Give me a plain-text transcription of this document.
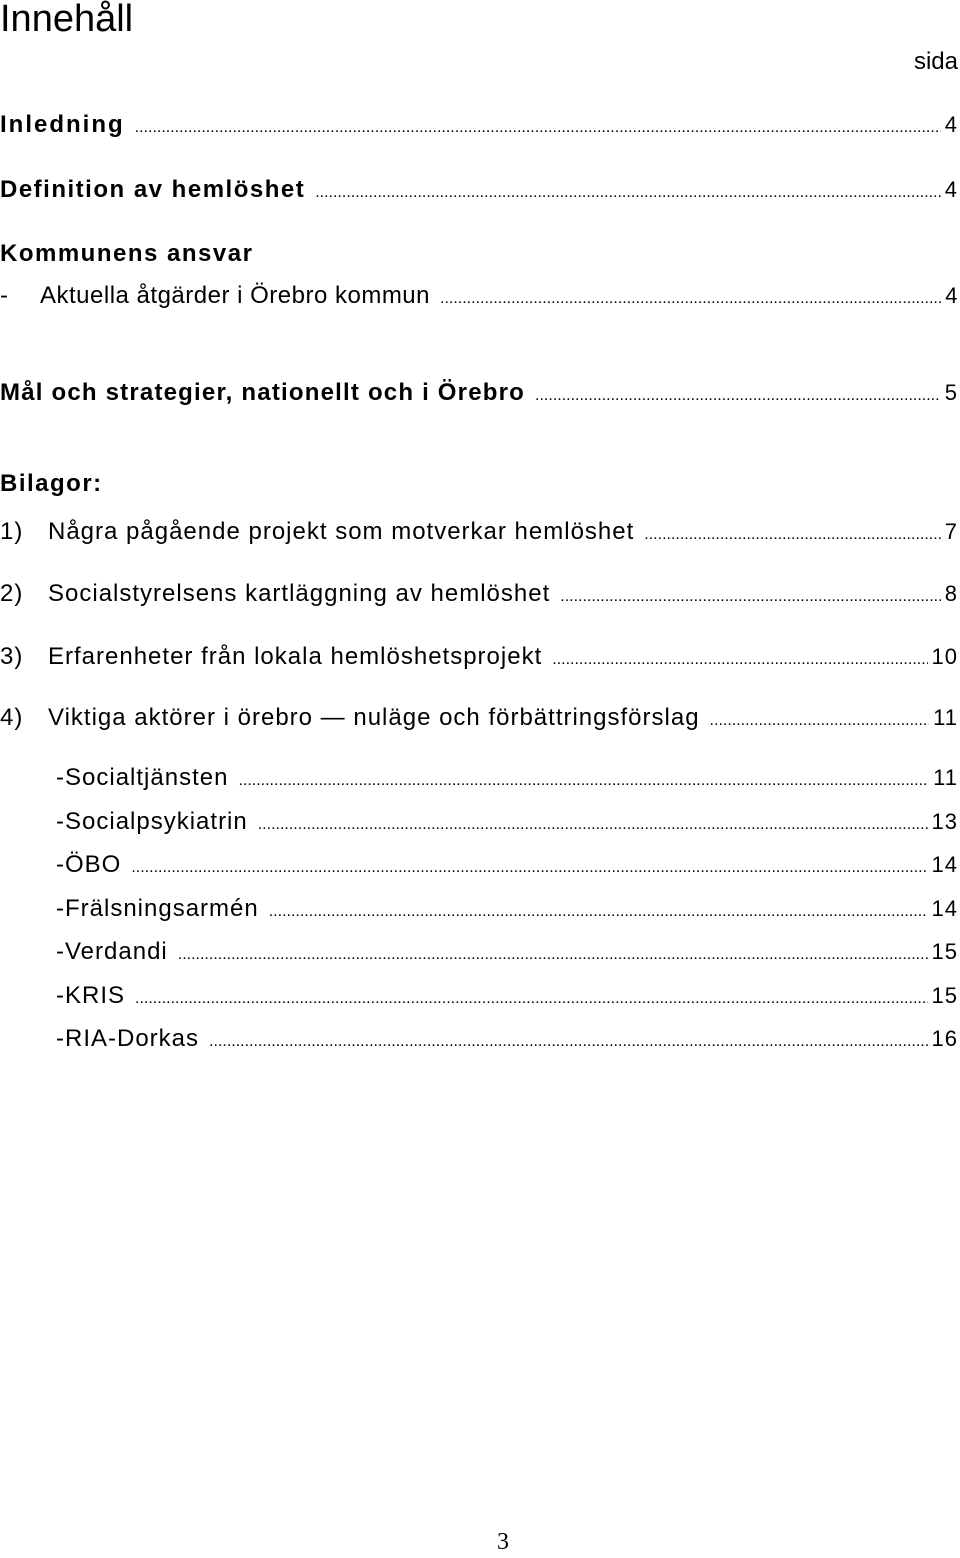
Innehåll
sida
Inledning .....	4
Definition av hemlöshet .....	4
Kommunens ansvar
- Aktuella åtgärder i Örebro kommun .....	4
Mål och strategier, nationellt och i Örebro .....	5
Bilagor:
1) Några pågående projekt som motverkar hemlöshet .....	7
2) Socialstyrelsens kartläggning av hemlöshet .....	8
3) Erfarenheter från lokala hemlöshetsprojekt .....	10
4) Viktiga aktörer i örebro — nuläge och förbättringsförslag .....	11
-Socialtjänsten .....	11
-Socialpsykiatrin .....	13
-ÖBO .....	14
-Frälsningsarmén .....	14
-Verdandi .....	15
-KRIS .....	15
-RIA-Dorkas .....	16
3
